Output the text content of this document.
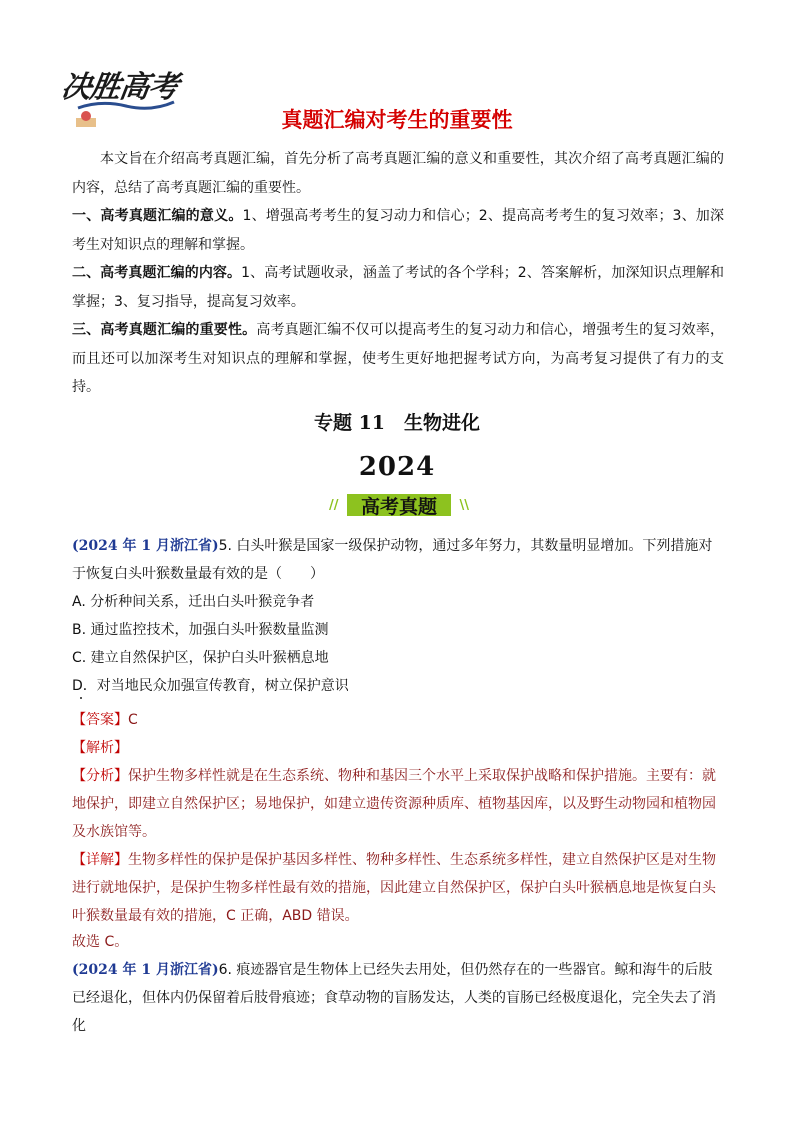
决胜高考
真题汇编对考生的重要性

本文旨在介绍高考真题汇编，首先分析了高考真题汇编的意义和重要性，其次介绍了高考真题汇编的内容，总结了高考真题汇编的重要性。

一、高考真题汇编的意义。1、增强高考考生的复习动力和信心；2、提高高考考生的复习效率；3、加深考生对知识点的理解和掌握。

二、高考真题汇编的内容。1、高考试题收录，涵盖了考试的各个学科；2、答案解析，加深知识点理解和掌握；3、复习指导，提高复习效率。

三、高考真题汇编的重要性。高考真题汇编不仅可以提高考生的复习动力和信心，增强考生的复习效率，而且还可以加深考生对知识点的理解和掌握，使考生更好地把握考试方向，为高考复习提供了有力的支持。

专题 11　生物进化
2024
//	高考真题	\\

(2024 年 1 月浙江省)5. 白头叶猴是国家一级保护动物，通过多年努力，其数量明显增加。下列措施对于恢复白头叶猴数量最有效的是（　　）

A. 分析种间关系，迁出白头叶猴竞争者
B. 通过监控技术，加强白头叶猴数量监测
C. 建立自然保护区，保护白头叶猴栖息地
D．对当地民众加强宣传教育，树立保护意识

【答案】C

【解析】

【分析】保护生物多样性就是在生态系统、物种和基因三个水平上采取保护战略和保护措施。主要有：就地保护，即建立自然保护区；易地保护，如建立遗传资源种质库、植物基因库，以及野生动物园和植物园及水族馆等。

【详解】生物多样性的保护是保护基因多样性、物种多样性、生态系统多样性，建立自然保护区是对生物进行就地保护，是保护生物多样性最有效的措施，因此建立自然保护区，保护白头叶猴栖息地是恢复白头叶猴数量最有效的措施，C 正确，ABD 错误。

故选 C。

(2024 年 1 月浙江省)6. 痕迹器官是生物体上已经失去用处，但仍然存在的一些器官。鲸和海牛的后肢已经退化，但体内仍保留着后肢骨痕迹；食草动物的盲肠发达，人类的盲肠已经极度退化，完全失去了消化
